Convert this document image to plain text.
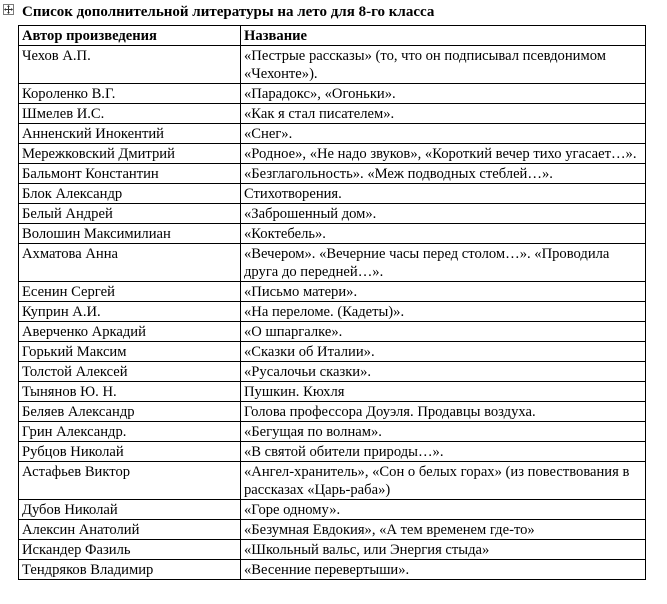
Список дополнительной литературы на лето для 8-го класса
Автор произведения	Название
Чехов А.П.	«Пестрые рассказы» (то, что он подписывал псевдонимом «Чехонте»).
Короленко В.Г.	«Парадокс», «Огоньки».
Шмелев И.С.	«Как я стал писателем».
Анненский Инокентий	«Снег».
Мережковский Дмитрий	«Родное», «Не надо звуков», «Короткий вечер тихо угасает…».
Бальмонт Константин	«Безглагольность». «Меж подводных стеблей…».
Блок Александр	Стихотворения.
Белый Андрей	«Заброшенный дом».
Волошин Максимилиан	«Коктебель».
Ахматова Анна	«Вечером». «Вечерние часы перед столом…». «Проводила друга до передней…».
Есенин Сергей	«Письмо матери».
Куприн А.И.	«На переломе. (Кадеты)».
Аверченко Аркадий	«О шпаргалке».
Горький Максим	«Сказки об Италии».
Толстой Алексей	«Русалочьи сказки».
Тынянов Ю. Н.	Пушкин. Кюхля
Беляев Александр	Голова профессора Доуэля. Продавцы воздуха.
Грин Александр.	«Бегущая по волнам».
Рубцов Николай	«В святой обители природы…».
Астафьев Виктор	«Ангел-хранитель», «Сон о белых горах» (из повествования в рассказах «Царь-раба»)
Дубов Николай	«Горе одному».
Алексин Анатолий	«Безумная Евдокия», «А тем временем где-то»
Искандер Фазиль	«Школьный вальс, или Энергия стыда»
Тендряков Владимир	«Весенние перевертыши».
